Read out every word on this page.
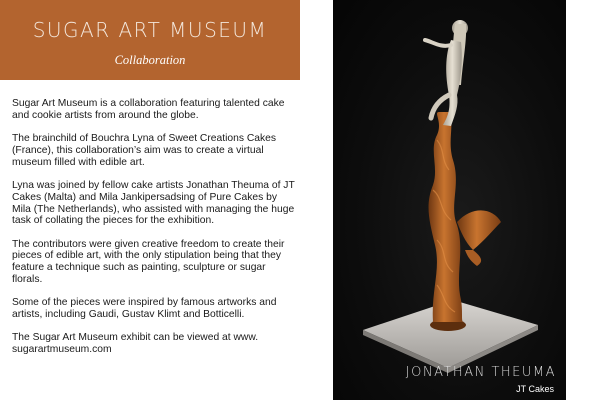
SUGAR ART MUSEUM
Collaboration

Sugar Art Museum is a collaboration featuring talented cake and cookie artists from around the globe.

The brainchild of Bouchra Lyna of Sweet Creations Cakes (France), this collaboration’s aim was to create a virtual museum filled with edible art.

Lyna was joined by fellow cake artists Jonathan Theuma of JT Cakes (Malta) and Mila Jankipersadsing of Pure Cakes by Mila (The Netherlands), who assisted with managing the huge task of collating the pieces for the exhibition.

The contributors were given creative freedom to create their pieces of edible art, with the only stipulation being that they feature a technique such as painting, sculpture or sugar florals.

Some of the pieces were inspired by famous artworks and artists, including Gaudi, Gustav Klimt and Botticelli.

The Sugar Art Museum exhibit can be viewed at www. sugarartmuseum.com

JONATHAN THEUMA
JT Cakes
